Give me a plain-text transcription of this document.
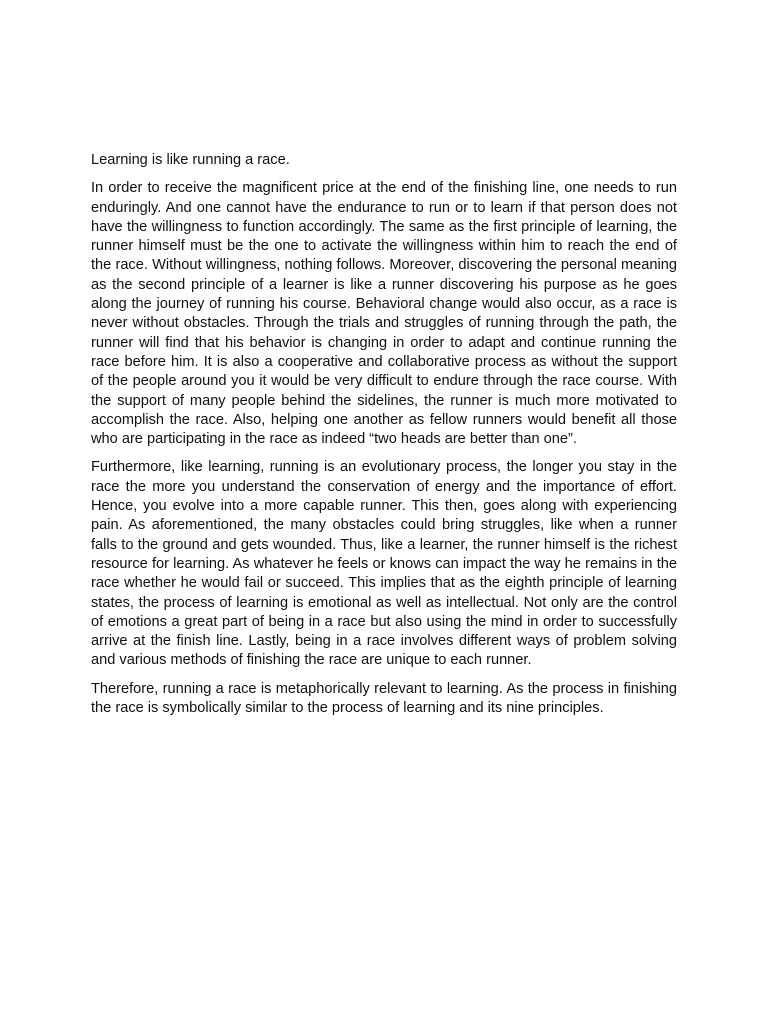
Learning is like running a race.

In order to receive the magnificent price at the end of the finishing line, one needs to run enduringly. And one cannot have the endurance to run or to learn if that person does not have the willingness to function accordingly. The same as the first principle of learning, the runner himself must be the one to activate the willingness within him to reach the end of the race. Without willingness, nothing follows. Moreover, discovering the personal meaning as the second principle of a learner is like a runner discovering his purpose as he goes along the journey of running his course. Behavioral change would also occur, as a race is never without obstacles. Through the trials and struggles of running through the path, the runner will find that his behavior is changing in order to adapt and continue running the race before him. It is also a cooperative and collaborative process as without the support of the people around you it would be very difficult to endure through the race course. With the support of many people behind the sidelines, the runner is much more motivated to accomplish the race. Also, helping one another as fellow runners would benefit all those who are participating in the race as indeed “two heads are better than one”.

Furthermore, like learning, running is an evolutionary process, the longer you stay in the race the more you understand the conservation of energy and the importance of effort. Hence, you evolve into a more capable runner. This then, goes along with experiencing pain. As aforementioned, the many obstacles could bring struggles, like when a runner falls to the ground and gets wounded. Thus, like a learner, the runner himself is the richest resource for learning. As whatever he feels or knows can impact the way he remains in the race whether he would fail or succeed. This implies that as the eighth principle of learning states, the process of learning is emotional as well as intellectual. Not only are the control of emotions a great part of being in a race but also using the mind in order to successfully arrive at the finish line. Lastly, being in a race involves different ways of problem solving and various methods of finishing the race are unique to each runner.

Therefore, running a race is metaphorically relevant to learning. As the process in finishing the race is symbolically similar to the process of learning and its nine principles.
